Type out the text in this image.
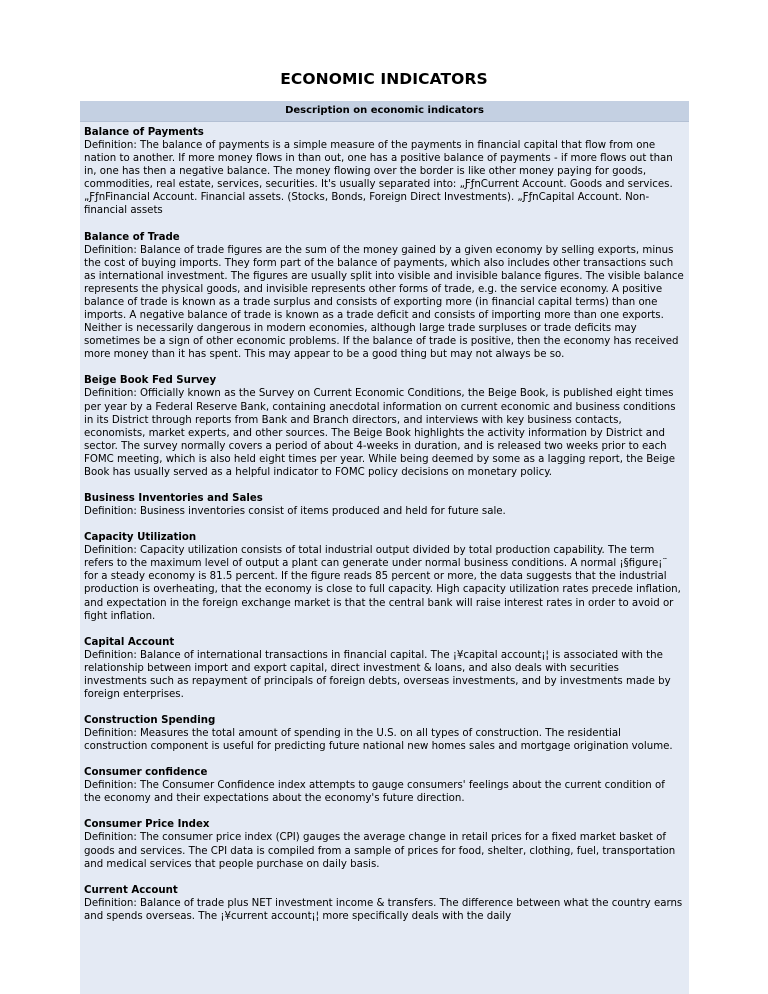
ECONOMIC INDICATORS
Description on economic indicators
Balance of Payments
Definition: The balance of payments is a simple measure of the payments in financial capital that flow from one nation to another. If more money flows in than out, one has a positive balance of payments - if more flows out than in, one has then a negative balance. The money flowing over the border is like other money paying for goods, commodities, real estate, services, securities. It's usually separated into: „ƑƒnCurrent Account. Goods and services. „ƑƒnFinancial Account. Financial assets. (Stocks, Bonds, Foreign Direct Investments). „ƑƒnCapital Account. Non-financial assets
Balance of Trade
Definition: Balance of trade figures are the sum of the money gained by a given economy by selling exports, minus the cost of buying imports. They form part of the balance of payments, which also includes other transactions such as international investment. The figures are usually split into visible and invisible balance figures. The visible balance represents the physical goods, and invisible represents other forms of trade, e.g. the service economy. A positive balance of trade is known as a trade surplus and consists of exporting more (in financial capital terms) than one imports. A negative balance of trade is known as a trade deficit and consists of importing more than one exports. Neither is necessarily dangerous in modern economies, although large trade surpluses or trade deficits may sometimes be a sign of other economic problems. If the balance of trade is positive, then the economy has received more money than it has spent. This may appear to be a good thing but may not always be so.
Beige Book Fed Survey
Definition: Officially known as the Survey on Current Economic Conditions, the Beige Book, is published eight times per year by a Federal Reserve Bank, containing anecdotal information on current economic and business conditions in its District through reports from Bank and Branch directors, and interviews with key business contacts, economists, market experts, and other sources. The Beige Book highlights the activity information by District and sector. The survey normally covers a period of about 4-weeks in duration, and is released two weeks prior to each FOMC meeting, which is also held eight times per year. While being deemed by some as a lagging report, the Beige Book has usually served as a helpful indicator to FOMC policy decisions on monetary policy.
Business Inventories and Sales
Definition: Business inventories consist of items produced and held for future sale.
Capacity Utilization
Definition: Capacity utilization consists of total industrial output divided by total production capability. The term refers to the maximum level of output a plant can generate under normal business conditions. A normal ¡§figure¡¨ for a steady economy is 81.5 percent. If the figure reads 85 percent or more, the data suggests that the industrial production is overheating, that the economy is close to full capacity. High capacity utilization rates precede inflation, and expectation in the foreign exchange market is that the central bank will raise interest rates in order to avoid or fight inflation.
Capital Account
Definition: Balance of international transactions in financial capital. The ¡¥capital account¡¦ is associated with the relationship between import and export capital, direct investment & loans, and also deals with securities investments such as repayment of principals of foreign debts, overseas investments, and by investments made by foreign enterprises.
Construction Spending
Definition: Measures the total amount of spending in the U.S. on all types of construction. The residential construction component is useful for predicting future national new homes sales and mortgage origination volume.
Consumer confidence
Definition: The Consumer Confidence index attempts to gauge consumers' feelings about the current condition of the economy and their expectations about the economy's future direction.
Consumer Price Index
Definition: The consumer price index (CPI) gauges the average change in retail prices for a fixed market basket of goods and services. The CPI data is compiled from a sample of prices for food, shelter, clothing, fuel, transportation and medical services that people purchase on daily basis.
Current Account
Definition: Balance of trade plus NET investment income & transfers. The difference between what the country earns and spends overseas. The ¡¥current account¡¦ more specifically deals with the daily
